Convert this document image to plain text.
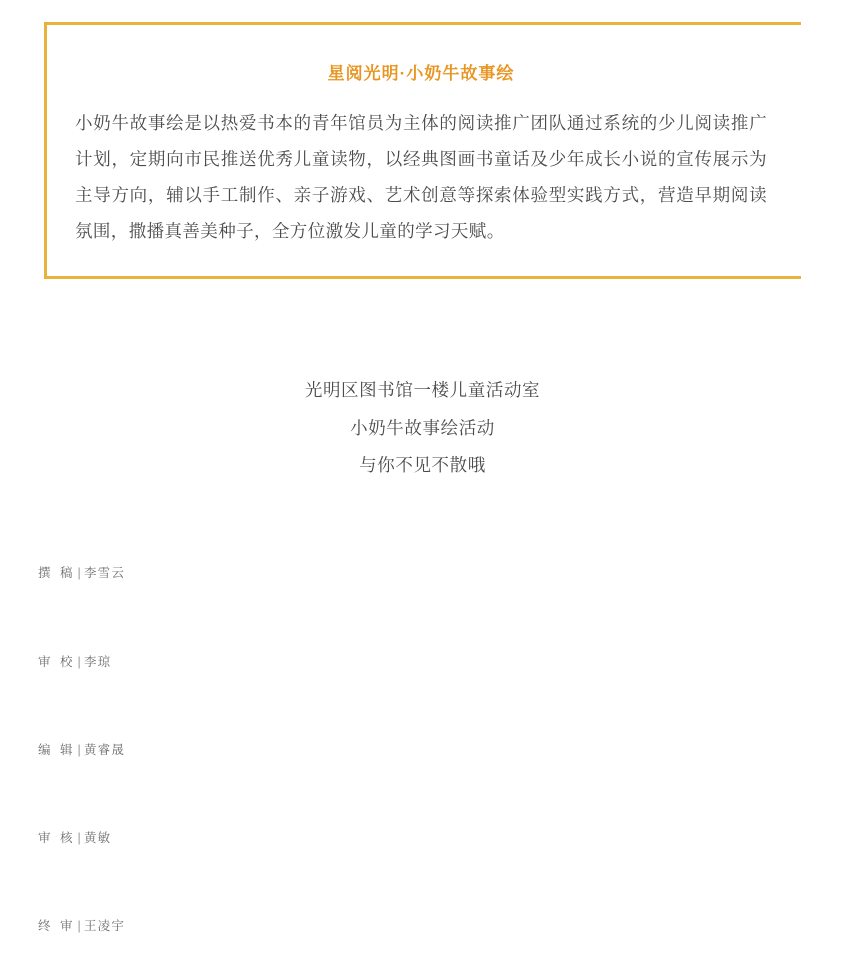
星阅光明·小奶牛故事绘
小奶牛故事绘是以热爱书本的青年馆员为主体的阅读推广团队通过系统的少儿阅读推广计划，定期向市民推送优秀儿童读物，以经典图画书童话及少年成长小说的宣传展示为主导方向，辅以手工制作、亲子游戏、艺术创意等探索体验型实践方式，营造早期阅读氛围，撒播真善美种子，全方位激发儿童的学习天赋。
光明区图书馆一楼儿童活动室
小奶牛故事绘活动
与你不见不散哦

撰 稿 | 李雪云

审 校 | 李琼

编 辑 | 黄睿晟

审 核 | 黄敏

终 审 | 王凌宇
